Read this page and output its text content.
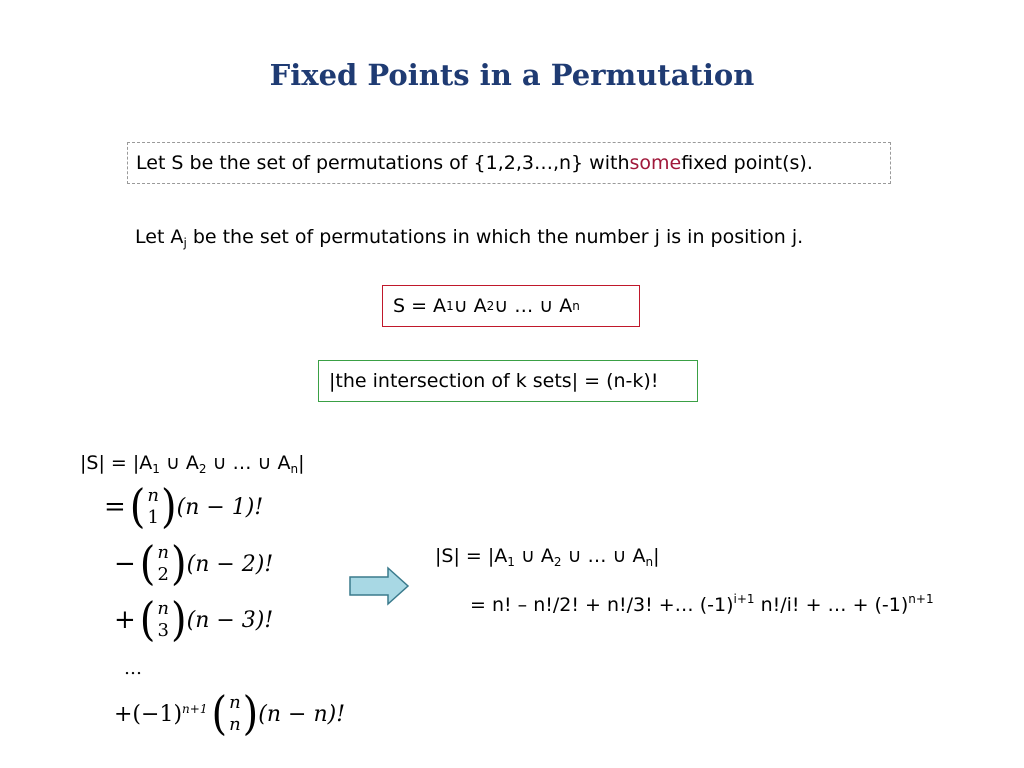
Fixed Points in a Permutation
Let S be the set of permutations of {1,2,3…,n} with some fixed point(s).
Let $A_j$ be the set of permutations in which the number j is in position j.
S = A 1 ∪ A 2 ∪ … ∪ A n
|the intersection of k sets| = (n-k)!
$|S| = |A_1$ ∪ $A_2$ ∪ … ∪ $A_n|$
= ( n
1 ) (n − 1)!
− ( n
2 ) (n − 2)!
+ ( n
3 ) (n − 3)!
…
$+(-1)^{n+1}$ ( n
n ) (n − n)!
$|S| = |A_1$ ∪ $A_2$ ∪ … ∪ $A_n|$
= n! – n!/2! + n!/3! +… $(-1)^{i+1}$ n!/i! + … + $(-1)^{n+1}$
